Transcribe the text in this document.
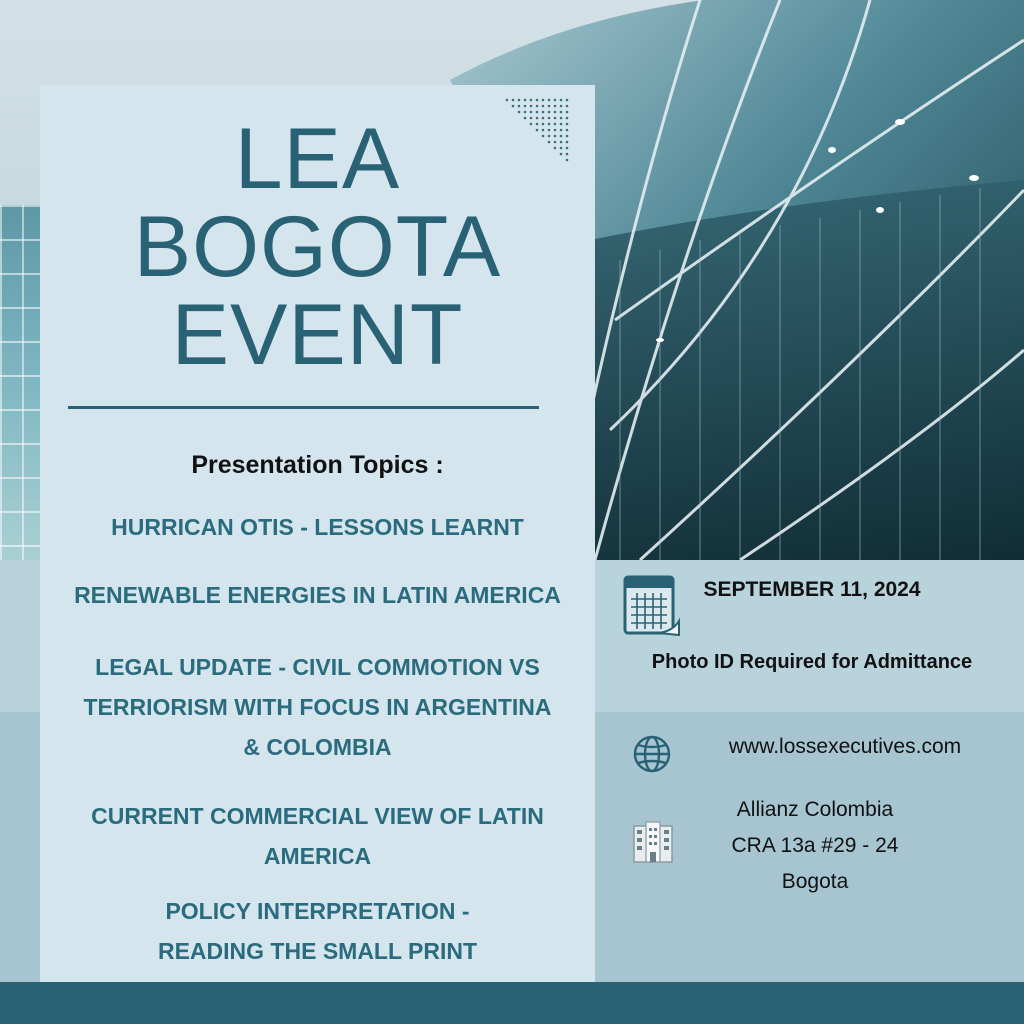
LEA
BOGOTA
EVENT
Presentation Topics :
HURRICAN OTIS - LESSONS LEARNT
RENEWABLE ENERGIES IN LATIN AMERICA
LEGAL UPDATE - CIVIL COMMOTION VS
TERRIORISM WITH FOCUS IN ARGENTINA
& COLOMBIA
CURRENT COMMERCIAL VIEW OF LATIN
AMERICA
POLICY INTERPRETATION -
READING THE SMALL PRINT
SEPTEMBER 11, 2024
Photo ID Required for Admittance
www.lossexecutives.com
Allianz Colombia
CRA 13a #29 - 24
Bogota
